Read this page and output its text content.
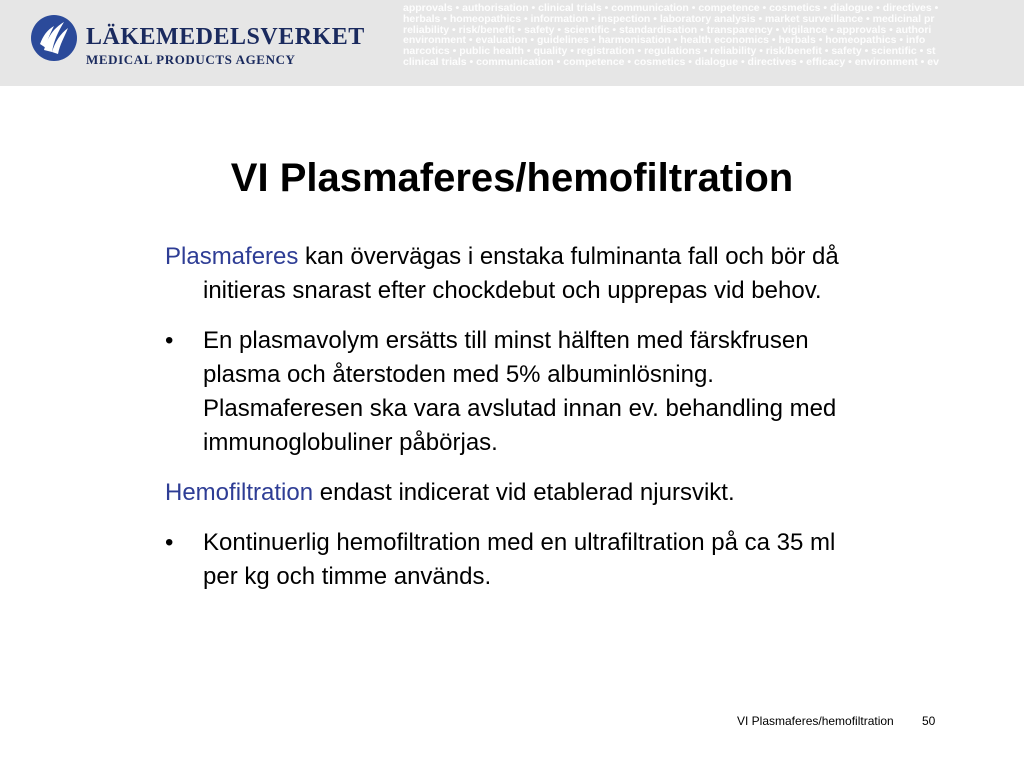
LÄKEMEDELSVERKET
MEDICAL PRODUCTS AGENCY
approvals • authorisation • clinical trials • communication • competence • cosmetics • dialogue • directives •
herbals • homeopathics • information • inspection • laboratory analysis • market surveillance • medicinal pr
reliability • risk/benefit • safety • scientific • standardisation • transparency • vigilance • approvals • authori
environment • evaluation • guidelines • harmonisation • health economics • herbals • homeopathics • info
narcotics • public health • quality • registration • regulations • reliability • risk/benefit • safety • scientific • st
clinical trials • communication • competence • cosmetics • dialogue • directives • efficacy • environment • ev
VI Plasmaferes/hemofiltration
Plasmaferes kan övervägas i enstaka fulminanta fall och bör då initieras snarast efter chockdebut och upprepas vid behov.
• En plasmavolym ersätts till minst hälften med färskfrusen plasma och återstoden med 5% albuminlösning. Plasmaferesen ska vara avslutad innan ev. behandling med immunoglobuliner påbörjas.
Hemofiltration endast indicerat vid etablerad njursvikt.
• Kontinuerlig hemofiltration med en ultrafiltration på ca 35 ml per kg och timme används.
VI Plasmaferes/hemofiltration 50
